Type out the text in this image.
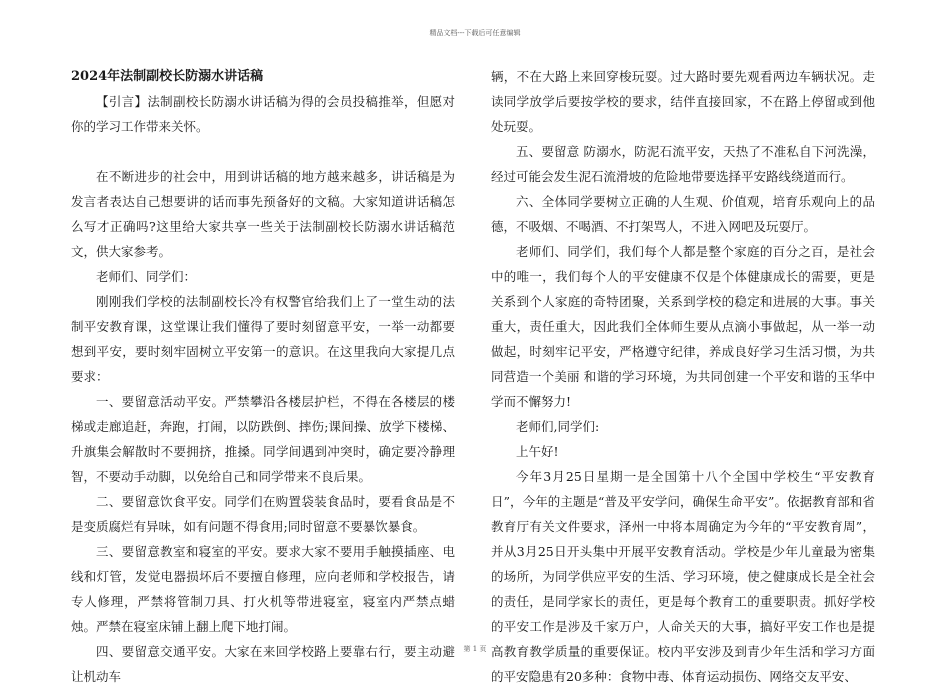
精品文档---下载后可任意编辑

2024年法制副校长防溺水讲话稿

【引言】法制副校长防溺水讲话稿为得的会员投稿推举，但愿对你的学习工作带来关怀。

在不断进步的社会中，用到讲话稿的地方越来越多，讲话稿是为发言者表达自己想要讲的话而事先预备好的文稿。大家知道讲话稿怎么写才正确吗?这里给大家共享一些关于法制副校长防溺水讲话稿范文，供大家参考。

老师们、同学们：

刚刚我们学校的法制副校长冷有权警官给我们上了一堂生动的法制平安教育课，这堂课让我们懂得了要时刻留意平安，一举一动都要想到平安，要时刻牢固树立平安第一的意识。在这里我向大家提几点要求：

一、要留意活动平安。严禁攀沿各楼层护栏，不得在各楼层的楼梯或走廊追赶，奔跑，打闹，以防跌倒、摔伤;课间操、放学下楼梯、升旗集会解散时不要拥挤，推搡。同学间遇到冲突时，确定要冷静理智，不要动手动脚，以免给自己和同学带来不良后果。

二、要留意饮食平安。同学们在购置袋装食品时，要看食品是不是变质腐烂有异味，如有问题不得食用;同时留意不要暴饮暴食。

三、要留意教室和寝室的平安。要求大家不要用手触摸插座、电线和灯管，发觉电器损坏后不要擅自修理，应向老师和学校报告，请专人修理，严禁将管制刀具、打火机等带进寝室，寝室内严禁点蜡烛。严禁在寝室床铺上翻上爬下地打闹。

四、要留意交通平安。大家在来回学校路上要靠右行，要主动避让机动车

辆，不在大路上来回穿梭玩耍。过大路时要先观看两边车辆状况。走读同学放学后要按学校的要求，结伴直接回家，不在路上停留或到他处玩耍。

五、要留意 防溺水，防泥石流平安，天热了不准私自下河洗澡，经过可能会发生泥石流滑坡的危险地带要选择平安路线绕道而行。

六、全体同学要树立正确的人生观、价值观，培育乐观向上的品德，不吸烟、不喝酒、不打架骂人，不进入网吧及玩耍厅。

老师们、同学们，我们每个人都是整个家庭的百分之百，是社会中的唯一，我们每个人的平安健康不仅是个体健康成长的需要，更是关系到个人家庭的奇特团聚，关系到学校的稳定和进展的大事。事关重大，责任重大，因此我们全体师生要从点滴小事做起，从一举一动做起，时刻牢记平安，严格遵守纪律，养成良好学习生活习惯，为共同营造一个美丽 和谐的学习环境，为共同创建一个平安和谐的玉华中学而不懈努力!

老师们,同学们:

上午好!

今年3月25日星期一是全国第十八个全国中学校生“平安教育日”，今年的主题是“普及平安学问，确保生命平安”。依据教育部和省教育厅有关文件要求，泽州一中将本周确定为今年的“平安教育周”，并从3月25日开头集中开展平安教育活动。学校是少年儿童最为密集的场所，为同学供应平安的生活、学习环境，使之健康成长是全社会的责任，是同学家长的责任，更是每个教育工的重要职责。抓好学校的平安工作是涉及千家万户，人命关天的大事，搞好平安工作也是提高教育教学质量的重要保证。校内平安涉及到青少年生活和学习方面的平安隐患有20多种：食物中毒、体育运动损伤、网络交友平安、

第 1 页
